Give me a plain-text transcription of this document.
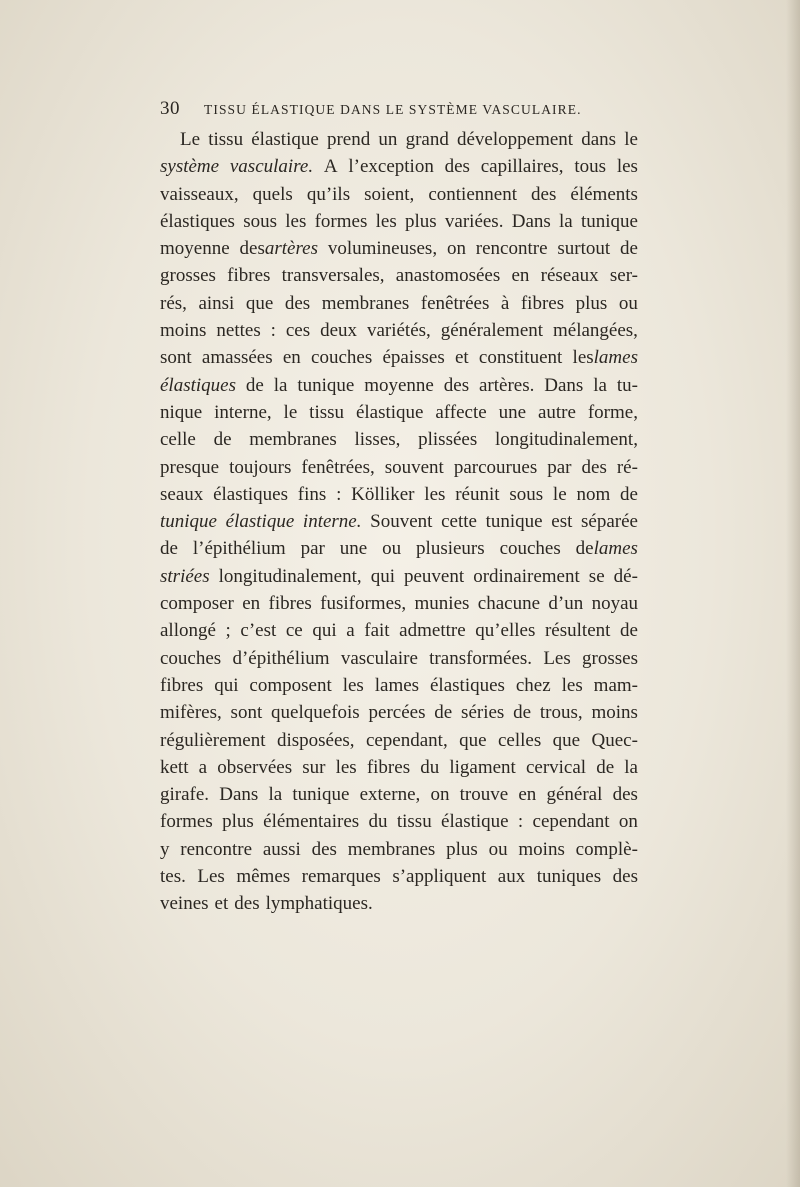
30 TISSU ÉLASTIQUE DANS LE SYSTÈME VASCULAIRE.
Le tissu élastique prend un grand développement dans le
système vasculaire. A l’exception des capillaires, tous les
vaisseaux, quels qu’ils soient, contiennent des éléments
élastiques sous les formes les plus variées. Dans la tunique
moyenne desartères volumineuses, on rencontre surtout de
grosses fibres transversales, anastomosées en réseaux ser-
rés, ainsi que des membranes fenêtrées à fibres plus ou
moins nettes : ces deux variétés, généralement mélangées,
sont amassées en couches épaisses et constituent leslames
élastiques de la tunique moyenne des artères. Dans la tu-
nique interne, le tissu élastique affecte une autre forme,
celle de membranes lisses, plissées longitudinalement,
presque toujours fenêtrées, souvent parcourues par des ré-
seaux élastiques fins : Kölliker les réunit sous le nom de
tunique élastique interne. Souvent cette tunique est séparée
de l’épithélium par une ou plusieurs couches delames
striées longitudinalement, qui peuvent ordinairement se dé-
composer en fibres fusiformes, munies chacune d’un noyau
allongé ; c’est ce qui a fait admettre qu’elles résultent de
couches d’épithélium vasculaire transformées. Les grosses
fibres qui composent les lames élastiques chez les mam-
mifères, sont quelquefois percées de séries de trous, moins
régulièrement disposées, cependant, que celles que Quec-
kett a observées sur les fibres du ligament cervical de la
girafe. Dans la tunique externe, on trouve en général des
formes plus élémentaires du tissu élastique : cependant on
y rencontre aussi des membranes plus ou moins complè-
tes. Les mêmes remarques s’appliquent aux tuniques des
veines et des lymphatiques.
